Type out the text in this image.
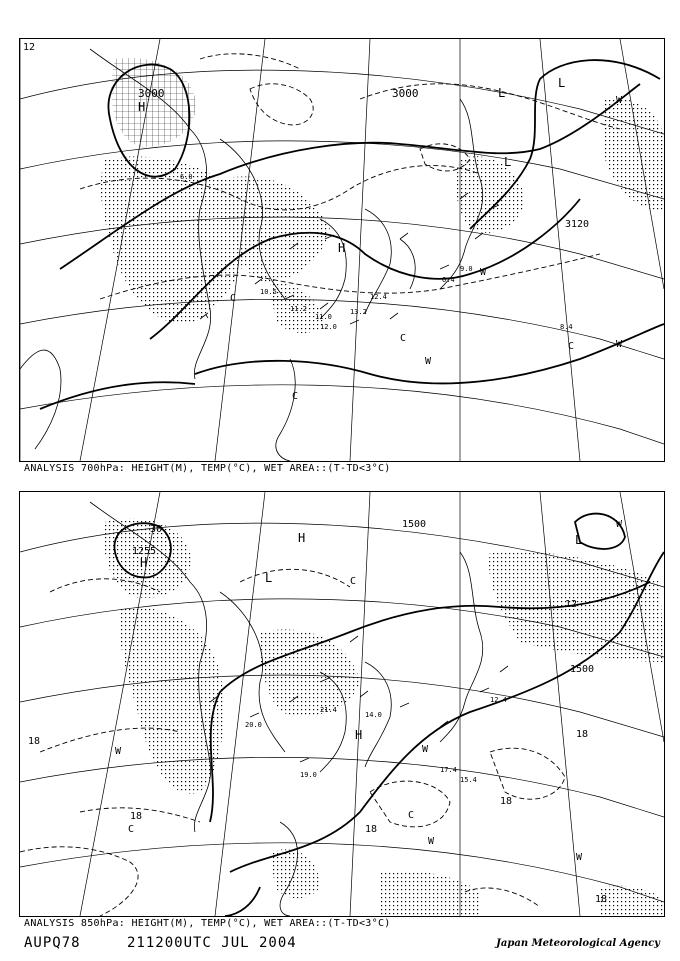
3000	3000
3120
H
H
L
L
L
W
W
W
W
C
C
C
C
10.5
11.2
12.0
11.0
12.4
13.2
8.4
6.0
6.4
9.0
12
ANALYSIS 700hPa: HEIGHT(M), TEMP(°C), WET AREA::(T-TD<3°C)
1255
1500
1500
30
12
18
18
18
18
18
18
H
H
H
L
L
W	W
W
W
W
C
C
C
20.0
21.4
14.0
19.0
17.4
15.4
12.4
ANALYSIS 850hPa: HEIGHT(M), TEMP(°C), WET AREA::(T-TD<3°C)
AUPQ78	211200UTC JUL 2004	Japan Meteorological Agency
